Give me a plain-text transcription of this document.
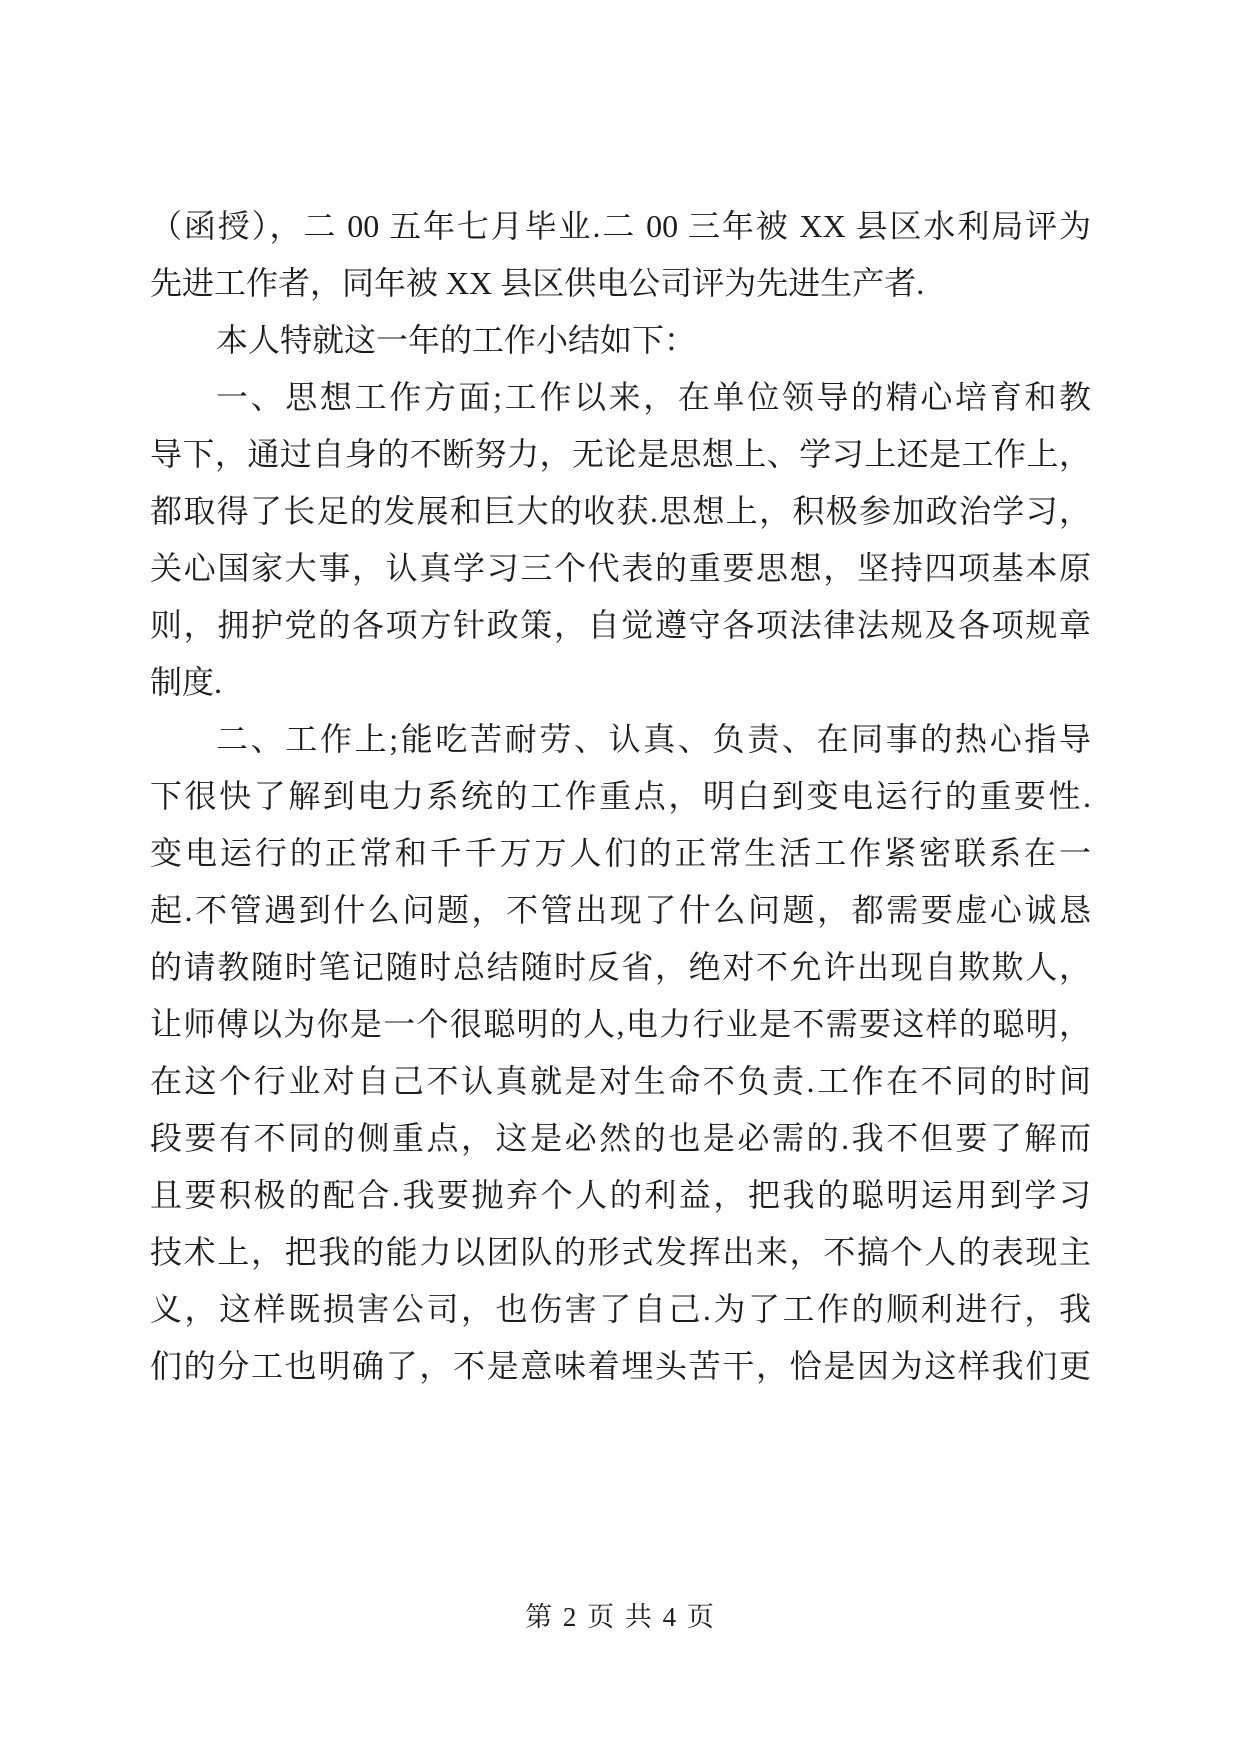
（函授），二 00 五年七月毕业.二 00 三年被 XX 县区水利局评为
先进工作者，同年被 XX 县区供电公司评为先进生产者.
本人特就这一年的工作小结如下：
一、思想工作方面;工作以来，在单位领导的精心培育和教
导下，通过自身的不断努力，无论是思想上、学习上还是工作上，
都取得了长足的发展和巨大的收获.思想上，积极参加政治学习，
关心国家大事，认真学习三个代表的重要思想，坚持四项基本原
则，拥护党的各项方针政策，自觉遵守各项法律法规及各项规章
制度.
二、工作上;能吃苦耐劳、认真、负责、在同事的热心指导
下很快了解到电力系统的工作重点，明白到变电运行的重要性.
变电运行的正常和千千万万人们的正常生活工作紧密联系在一
起.不管遇到什么问题，不管出现了什么问题，都需要虚心诚恳
的请教随时笔记随时总结随时反省，绝对不允许出现自欺欺人，
让师傅以为你是一个很聪明的人,电力行业是不需要这样的聪明，
在这个行业对自己不认真就是对生命不负责.工作在不同的时间
段要有不同的侧重点，这是必然的也是必需的.我不但要了解而
且要积极的配合.我要抛弃个人的利益，把我的聪明运用到学习
技术上，把我的能力以团队的形式发挥出来，不搞个人的表现主
义，这样既损害公司，也伤害了自己.为了工作的顺利进行，我
们的分工也明确了，不是意味着埋头苦干，恰是因为这样我们更
第 2 页 共 4 页
